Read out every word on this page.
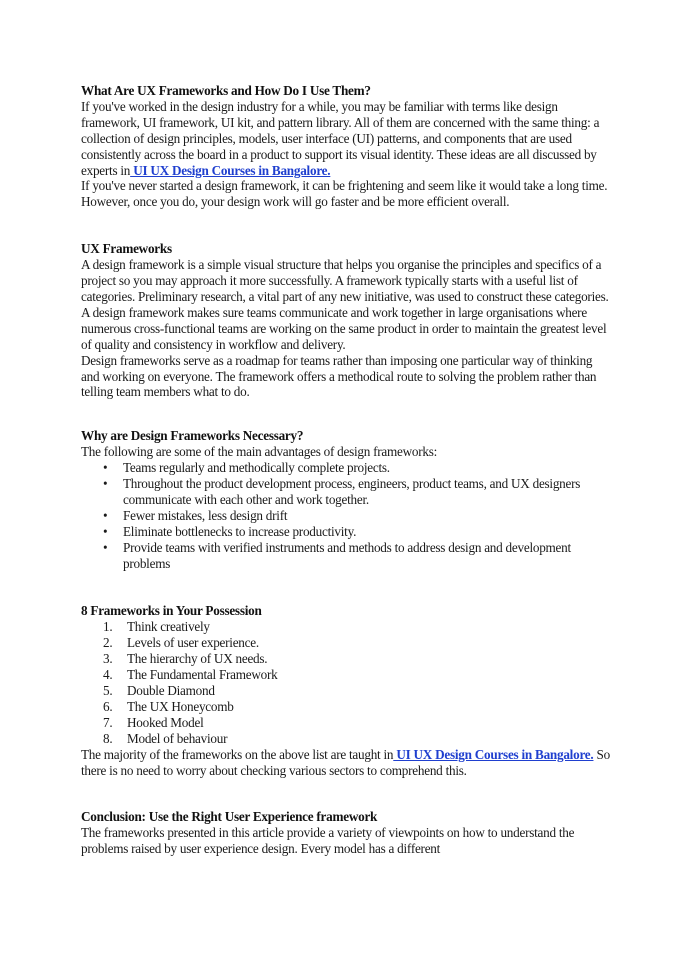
What Are UX Frameworks and How Do I Use Them?

If you've worked in the design industry for a while, you may be familiar with terms like design framework, UI framework, UI kit, and pattern library. All of them are concerned with the same thing: a collection of design principles, models, user interface (UI) patterns, and components that are used consistently across the board in a product to support its visual identity. These ideas are all discussed by experts in UI UX Design Courses in Bangalore.

If you've never started a design framework, it can be frightening and seem like it would take a long time. However, once you do, your design work will go faster and be more efficient overall.

UX Frameworks

A design framework is a simple visual structure that helps you organise the principles and specifics of a project so you may approach it more successfully. A framework typically starts with a useful list of categories. Preliminary research, a vital part of any new initiative, was used to construct these categories.

A design framework makes sure teams communicate and work together in large organisations where numerous cross-functional teams are working on the same product in order to maintain the greatest level of quality and consistency in workflow and delivery.

Design frameworks serve as a roadmap for teams rather than imposing one particular way of thinking and working on everyone. The framework offers a methodical route to solving the problem rather than telling team members what to do.

Why are Design Frameworks Necessary?

The following are some of the main advantages of design frameworks:

• Teams regularly and methodically complete projects.
• Throughout the product development process, engineers, product teams, and UX designers communicate with each other and work together.
• Fewer mistakes, less design drift
• Eliminate bottlenecks to increase productivity.
• Provide teams with verified instruments and methods to address design and development problems

8 Frameworks in Your Possession

1. Think creatively
2. Levels of user experience.
3. The hierarchy of UX needs.
4. The Fundamental Framework
5. Double Diamond
6. The UX Honeycomb
7. Hooked Model
8. Model of behaviour

The majority of the frameworks on the above list are taught in UI UX Design Courses in Bangalore. So there is no need to worry about checking various sectors to comprehend this.

Conclusion: Use the Right User Experience framework

The frameworks presented in this article provide a variety of viewpoints on how to understand the problems raised by user experience design. Every model has a different
